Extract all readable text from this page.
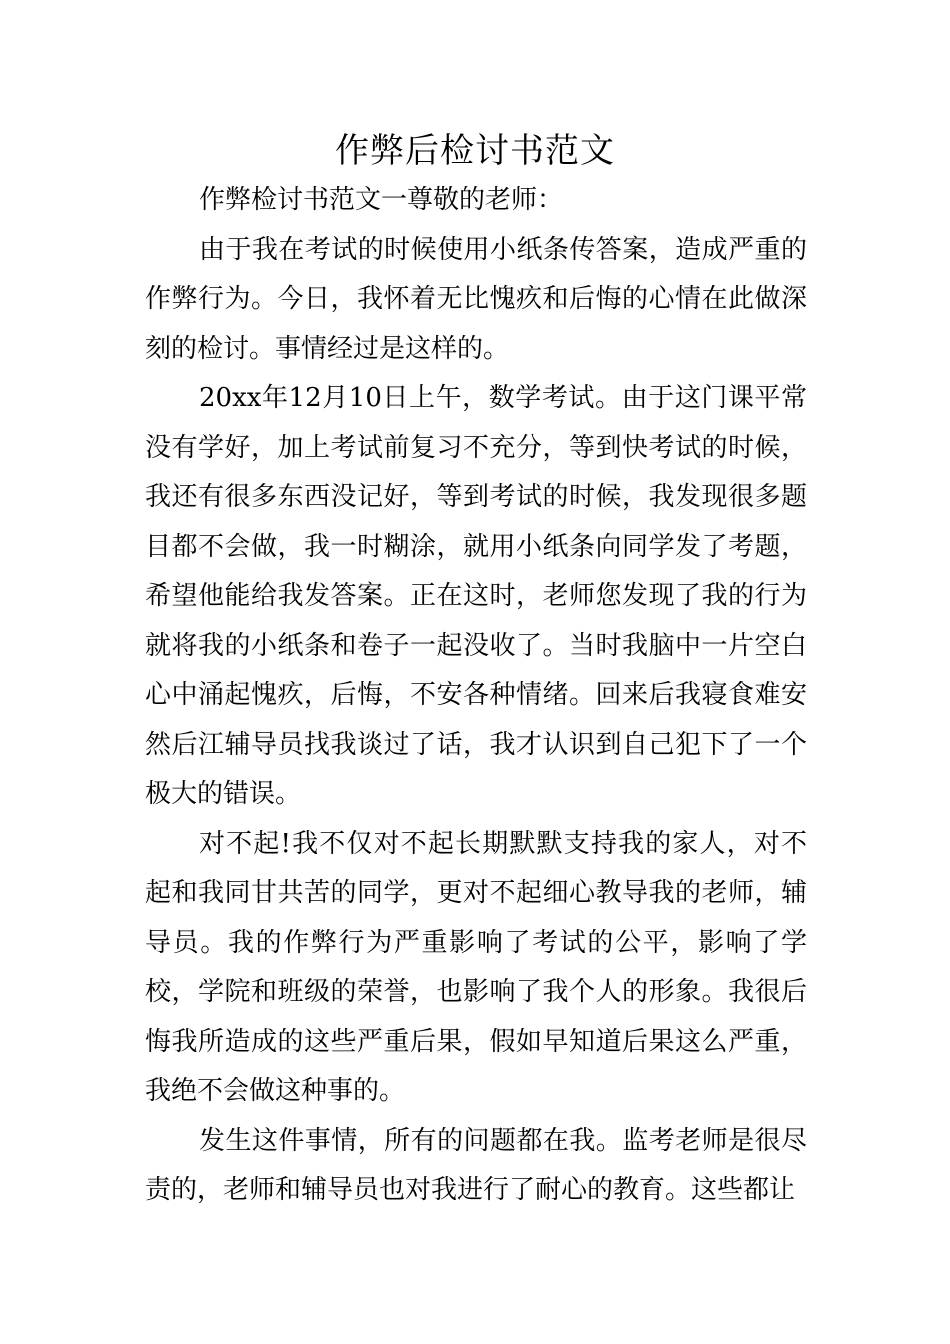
作弊后检讨书范文

作弊检讨书范文一尊敬的老师：

由于我在考试的时候使用小纸条传答案，造成严重的作弊行为。今日，我怀着无比愧疚和后悔的心情在此做深刻的检讨。事情经过是这样的。

20xx年12月10日上午，数学考试。由于这门课平常没有学好，加上考试前复习不充分，等到快考试的时候，我还有很多东西没记好，等到考试的时候，我发现很多题目都不会做，我一时糊涂，就用小纸条向同学发了考题，希望他能给我发答案。正在这时，老师您发现了我的行为就将我的小纸条和卷子一起没收了。当时我脑中一片空白心中涌起愧疚，后悔，不安各种情绪。回来后我寝食难安然后江辅导员找我谈过了话，我才认识到自己犯下了一个极大的错误。

对不起!我不仅对不起长期默默支持我的家人，对不起和我同甘共苦的同学，更对不起细心教导我的老师，辅导员。我的作弊行为严重影响了考试的公平，影响了学校，学院和班级的荣誉，也影响了我个人的形象。我很后悔我所造成的这些严重后果，假如早知道后果这么严重，我绝不会做这种事的。

发生这件事情，所有的问题都在我。监考老师是很尽责的，老师和辅导员也对我进行了耐心的教育。这些都让
